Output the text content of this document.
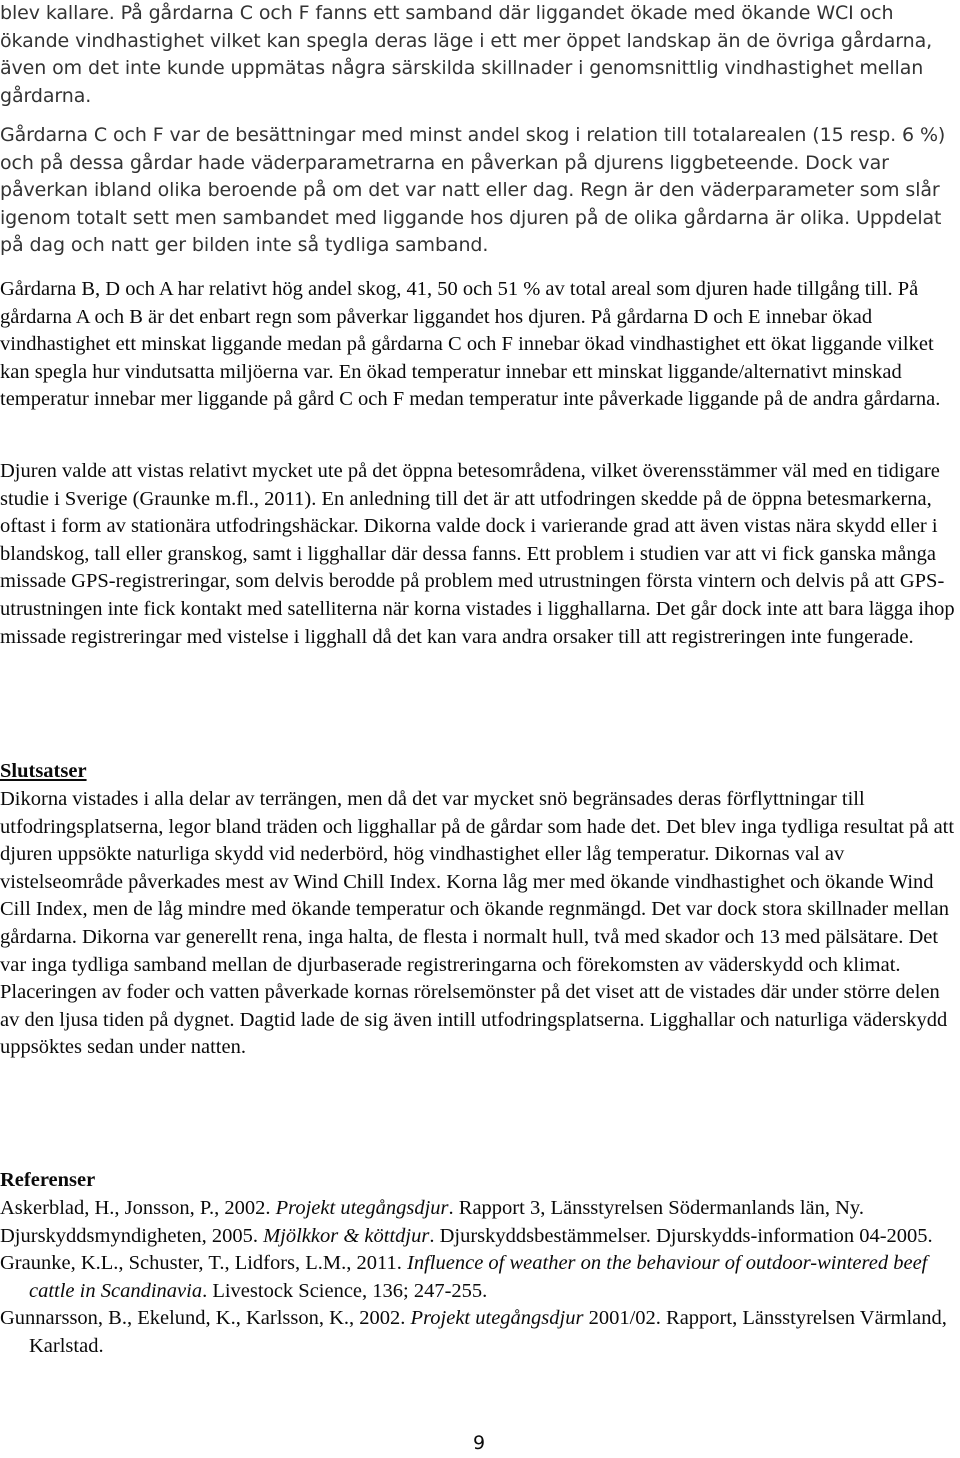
blev kallare. På gårdarna C och F fanns ett samband där liggandet ökade med ökande WCI och ökande vindhastighet vilket kan spegla deras läge i ett mer öppet landskap än de övriga gårdarna, även om det inte kunde uppmätas några särskilda skillnader i genomsnittlig vindhastighet mellan gårdarna.

Gårdarna C och F var de besättningar med minst andel skog i relation till totalarealen (15 resp. 6 %) och på dessa gårdar hade väderparametrarna en påverkan på djurens liggbeteende. Dock var påverkan ibland olika beroende på om det var natt eller dag. Regn är den väderparameter som slår igenom totalt sett men sambandet med liggande hos djuren på de olika gårdarna är olika. Uppdelat på dag och natt ger bilden inte så tydliga samband.

Gårdarna B, D och A har relativt hög andel skog, 41, 50 och 51 % av total areal som djuren hade tillgång till. På gårdarna A och B är det enbart regn som påverkar liggandet hos djuren. På gårdarna D och E innebar ökad vindhastighet ett minskat liggande medan på gårdarna C och F innebar ökad vindhastighet ett ökat liggande vilket kan spegla hur vindutsatta miljöerna var. En ökad temperatur innebar ett minskat liggande/alternativt minskad temperatur innebar mer liggande på gård C och F medan temperatur inte påverkade liggande på de andra gårdarna.

Djuren valde att vistas relativt mycket ute på det öppna betesområdena, vilket överensstämmer väl med en tidigare studie i Sverige (Graunke m.fl., 2011). En anledning till det är att utfodringen skedde på de öppna betesmarkerna, oftast i form av stationära utfodringshäckar. Dikorna valde dock i varierande grad att även vistas nära skydd eller i blandskog, tall eller granskog, samt i ligghallar där dessa fanns. Ett problem i studien var att vi fick ganska många missade GPS-registreringar, som delvis berodde på problem med utrustningen första vintern och delvis på att GPS-utrustningen inte fick kontakt med satelliterna när korna vistades i ligghallarna. Det går dock inte att bara lägga ihop missade registreringar med vistelse i ligghall då det kan vara andra orsaker till att registreringen inte fungerade.

Slutsatser

Dikorna vistades i alla delar av terrängen, men då det var mycket snö begränsades deras förflyttningar till utfodringsplatserna, legor bland träden och ligghallar på de gårdar som hade det. Det blev inga tydliga resultat på att djuren uppsökte naturliga skydd vid nederbörd, hög vindhastighet eller låg temperatur. Dikornas val av vistelseområde påverkades mest av Wind Chill Index. Korna låg mer med ökande vindhastighet och ökande Wind Cill Index, men de låg mindre med ökande temperatur och ökande regnmängd. Det var dock stora skillnader mellan gårdarna. Dikorna var generellt rena, inga halta, de flesta i normalt hull, två med skador och 13 med pälsätare. Det var inga tydliga samband mellan de djurbaserade registreringarna och förekomsten av väderskydd och klimat. Placeringen av foder och vatten påverkade kornas rörelsemönster på det viset att de vistades där under större delen av den ljusa tiden på dygnet. Dagtid lade de sig även intill utfodringsplatserna. Ligghallar och naturliga väderskydd uppsöktes sedan under natten.

Referenser

Askerblad, H., Jonsson, P., 2002. Projekt utegångsdjur. Rapport 3, Länsstyrelsen Södermanlands län, Ny.

Djurskyddsmyndigheten, 2005. Mjölkkor & köttdjur. Djurskyddsbestämmelser. Djurskydds-information 04-2005.

Graunke, K.L., Schuster, T., Lidfors, L.M., 2011. Influence of weather on the behaviour of outdoor-wintered beef cattle in Scandinavia. Livestock Science, 136; 247-255.

Gunnarsson, B., Ekelund, K., Karlsson, K., 2002. Projekt utegångsdjur 2001/02. Rapport, Länsstyrelsen Värmland, Karlstad.

9
